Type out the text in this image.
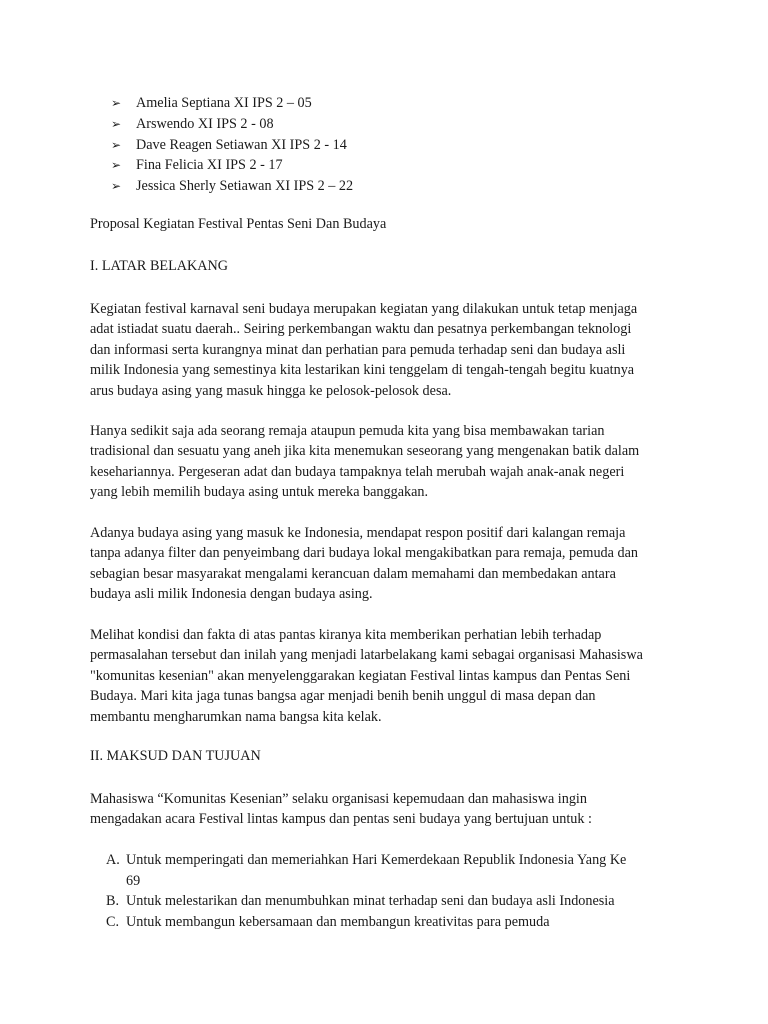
➢ Amelia Septiana XI IPS 2 – 05
➢ Arswendo XI IPS 2 - 08
➢ Dave Reagen Setiawan XI IPS 2 - 14
➢ Fina Felicia XI IPS 2 - 17
➢ Jessica Sherly Setiawan XI IPS 2 – 22
Proposal Kegiatan Festival Pentas Seni Dan Budaya
I. LATAR BELAKANG

Kegiatan festival karnaval seni budaya merupakan kegiatan yang dilakukan untuk tetap menjaga
adat istiadat suatu daerah.. Seiring perkembangan waktu dan pesatnya perkembangan teknologi
dan informasi serta kurangnya minat dan perhatian para pemuda terhadap seni dan budaya asli
milik Indonesia yang semestinya kita lestarikan kini tenggelam di tengah-tengah begitu kuatnya
arus budaya asing yang masuk hingga ke pelosok-pelosok desa.

Hanya sedikit saja ada seorang remaja ataupun pemuda kita yang bisa membawakan tarian
tradisional dan sesuatu yang aneh jika kita menemukan seseorang yang mengenakan batik dalam
kesehariannya. Pergeseran adat dan budaya tampaknya telah merubah wajah anak-anak negeri
yang lebih memilih budaya asing untuk mereka banggakan.

Adanya budaya asing yang masuk ke Indonesia, mendapat respon positif dari kalangan remaja
tanpa adanya filter dan penyeimbang dari budaya lokal mengakibatkan para remaja, pemuda dan
sebagian besar masyarakat mengalami kerancuan dalam memahami dan membedakan antara
budaya asli milik Indonesia dengan budaya asing.

Melihat kondisi dan fakta di atas pantas kiranya kita memberikan perhatian lebih terhadap
permasalahan tersebut dan inilah yang menjadi latarbelakang kami sebagai organisasi Mahasiswa
"komunitas kesenian" akan menyelenggarakan kegiatan Festival lintas kampus dan Pentas Seni
Budaya. Mari kita jaga tunas bangsa agar menjadi benih benih unggul di masa depan dan
membantu mengharumkan nama bangsa kita kelak.

II. MAKSUD DAN TUJUAN

Mahasiswa “Komunitas Kesenian” selaku organisasi kepemudaan dan mahasiswa ingin
mengadakan acara Festival lintas kampus dan pentas seni budaya yang bertujuan untuk :

A. Untuk memperingati dan memeriahkan Hari Kemerdekaan Republik Indonesia Yang Ke
69
B. Untuk melestarikan dan menumbuhkan minat terhadap seni dan budaya asli Indonesia
C. Untuk membangun kebersamaan dan membangun kreativitas para pemuda
